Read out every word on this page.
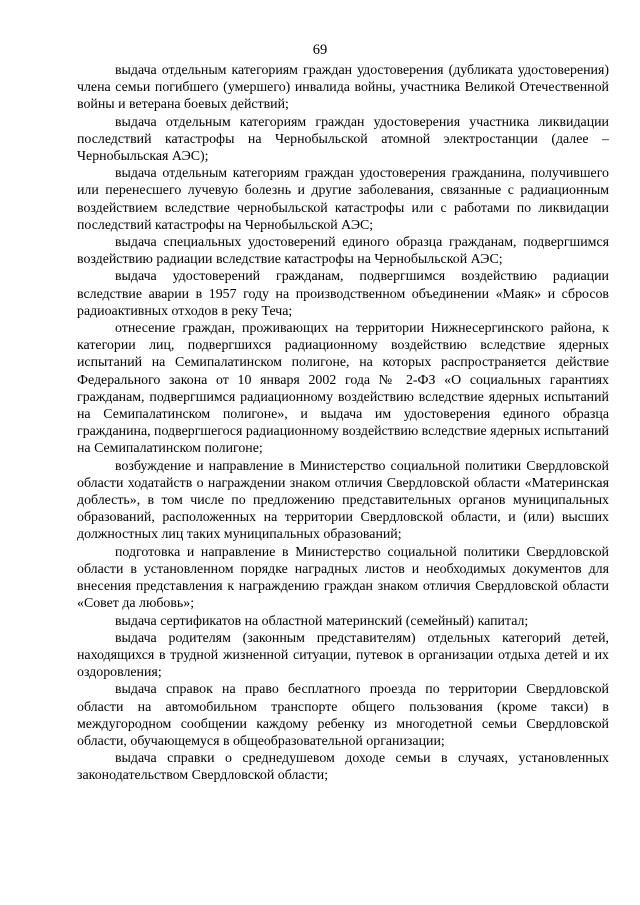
69

выдача отдельным категориям граждан удостоверения (дубликата удостоверения) члена семьи погибшего (умершего) инвалида войны, участника Великой Отечественной войны и ветерана боевых действий;

выдача отдельным категориям граждан удостоверения участника ликвидации последствий катастрофы на Чернобыльской атомной электростанции (далее – Чернобыльская АЭС);

выдача отдельным категориям граждан удостоверения гражданина, получившего или перенесшего лучевую болезнь и другие заболевания, связанные с радиационным воздействием вследствие чернобыльской катастрофы или с работами по ликвидации последствий катастрофы на Чернобыльской АЭС;

выдача специальных удостоверений единого образца гражданам, подвергшимся воздействию радиации вследствие катастрофы на Чернобыльской АЭС;

выдача удостоверений гражданам, подвергшимся воздействию радиации вследствие аварии в 1957 году на производственном объединении «Маяк» и сбросов радиоактивных отходов в реку Теча;

отнесение граждан, проживающих на территории Нижнесергинского района, к категории лиц, подвергшихся радиационному воздействию вследствие ядерных испытаний на Семипалатинском полигоне, на которых распространяется действие Федерального закона от 10 января 2002 года № 2-ФЗ «О социальных гарантиях гражданам, подвергшимся радиационному воздействию вследствие ядерных испытаний на Семипалатинском полигоне», и выдача им удостоверения единого образца гражданина, подвергшегося радиационному воздействию вследствие ядерных испытаний на Семипалатинском полигоне;

возбуждение и направление в Министерство социальной политики Свердловской области ходатайств о награждении знаком отличия Свердловской области «Материнская доблесть», в том числе по предложению представительных органов муниципальных образований, расположенных на территории Свердловской области, и (или) высших должностных лиц таких муниципальных образований;

подготовка и направление в Министерство социальной политики Свердловской области в установленном порядке наградных листов и необходимых документов для внесения представления к награждению граждан знаком отличия Свердловской области «Совет да любовь»;

выдача сертификатов на областной материнский (семейный) капитал;

выдача родителям (законным представителям) отдельных категорий детей, находящихся в трудной жизненной ситуации, путевок в организации отдыха детей и их оздоровления;

выдача справок на право бесплатного проезда по территории Свердловской области на автомобильном транспорте общего пользования (кроме такси) в междугородном сообщении каждому ребенку из многодетной семьи Свердловской области, обучающемуся в общеобразовательной организации;

выдача справки о среднедушевом доходе семьи в случаях, установленных законодательством Свердловской области;
